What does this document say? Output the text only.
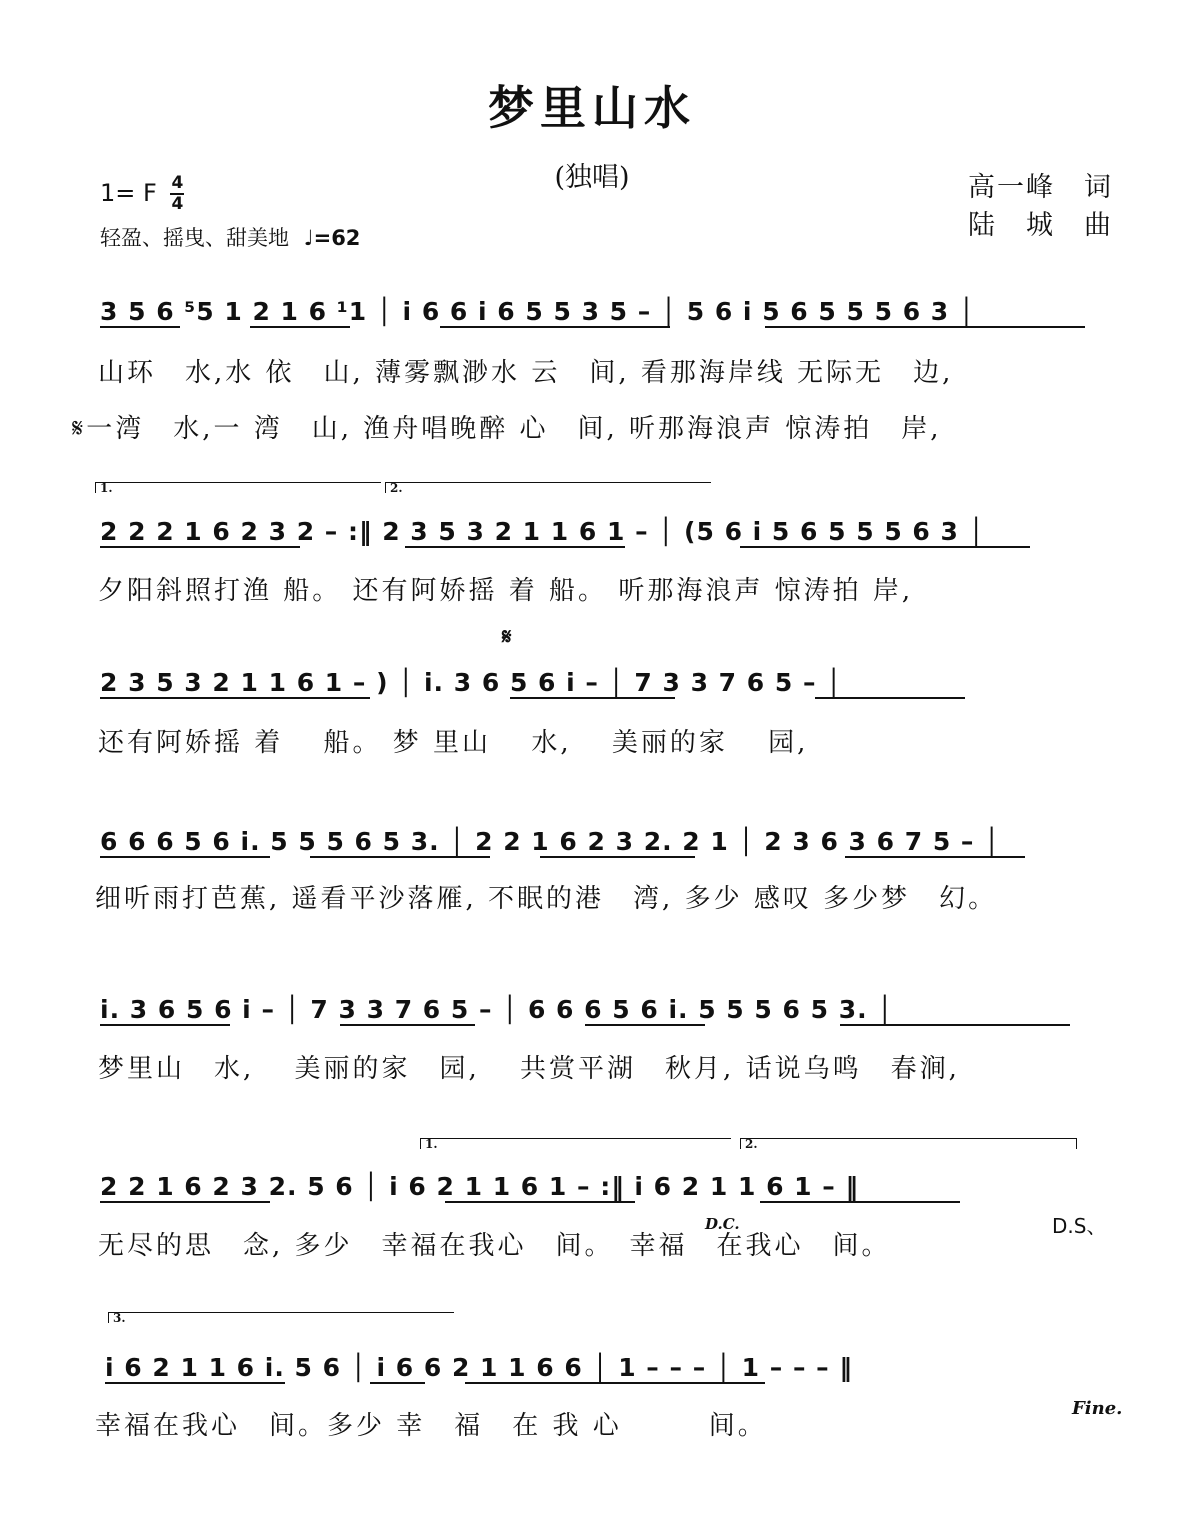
梦里山水
(独唱)	高一峰　词
陆　城　曲
1= F $\frac{4}{4}$
轻盈、摇曳、甜美地 ♩=62
3 5 6 ⁵5 1 2 1 6 ¹1 │ i 6 6 i 6 5 5 3 5 – │ 5 6 i 5 6 5 5 5 6 3 │
山环　水,水 依　山, 薄雾飘渺水 云　间, 看那海岸线 无际无　边,
𝄋一湾　水,一 湾　山, 渔舟唱晚醉 心　间, 听那海浪声 惊涛拍　岸,
1.	2.
2 2 2 1 6 2 3 2 – :‖ 2 3 5 3 2 1 1 6 1 – │ (5 6 i 5 6 5 5 5 6 3 │
夕阳斜照打渔 船。 还有阿娇摇 着 船。 听那海浪声 惊涛拍 岸,
𝄋
2 3 5 3 2 1 1 6 1 – ) │ i. 3 6 5 6 i – │ 7 3 3 7 6 5 – │
还有阿娇摇 着　 船。 梦 里山 　水, 　美丽的家 　园,
6 6 6 5 6 i. 5 5 5 6 5 3. │ 2 2 1 6 2 3 2. 2 1 │ 2 3 6 3 6 7 5 – │
细听雨打芭蕉, 遥看平沙落雁, 不眠的港　湾, 多少 感叹 多少梦　幻。
i. 3 6 5 6 i – │ 7 3 3 7 6 5 – │ 6 6 6 5 6 i. 5 5 5 6 5 3. │
梦里山　水, 　美丽的家　园, 　共赏平湖　秋月, 话说乌鸣　春涧,
1.	2.
2 2 1 6 2 3 2. 5 6 │ i 6 2 1 1 6 1 – :‖ i 6 2 1 1 6 1 – ‖
无尽的思　念, 多少　幸福在我心　间。　幸福　在我心　间。
D.C.	D.S、
3.
i 6 2 1 1 6 i. 5 6 │ i 6 6 2 1 1 6 6 │ 1 – – – │ 1 – – – ‖
幸福在我心　间。多少 幸　福　在 我 心　　　间。
Fine.
